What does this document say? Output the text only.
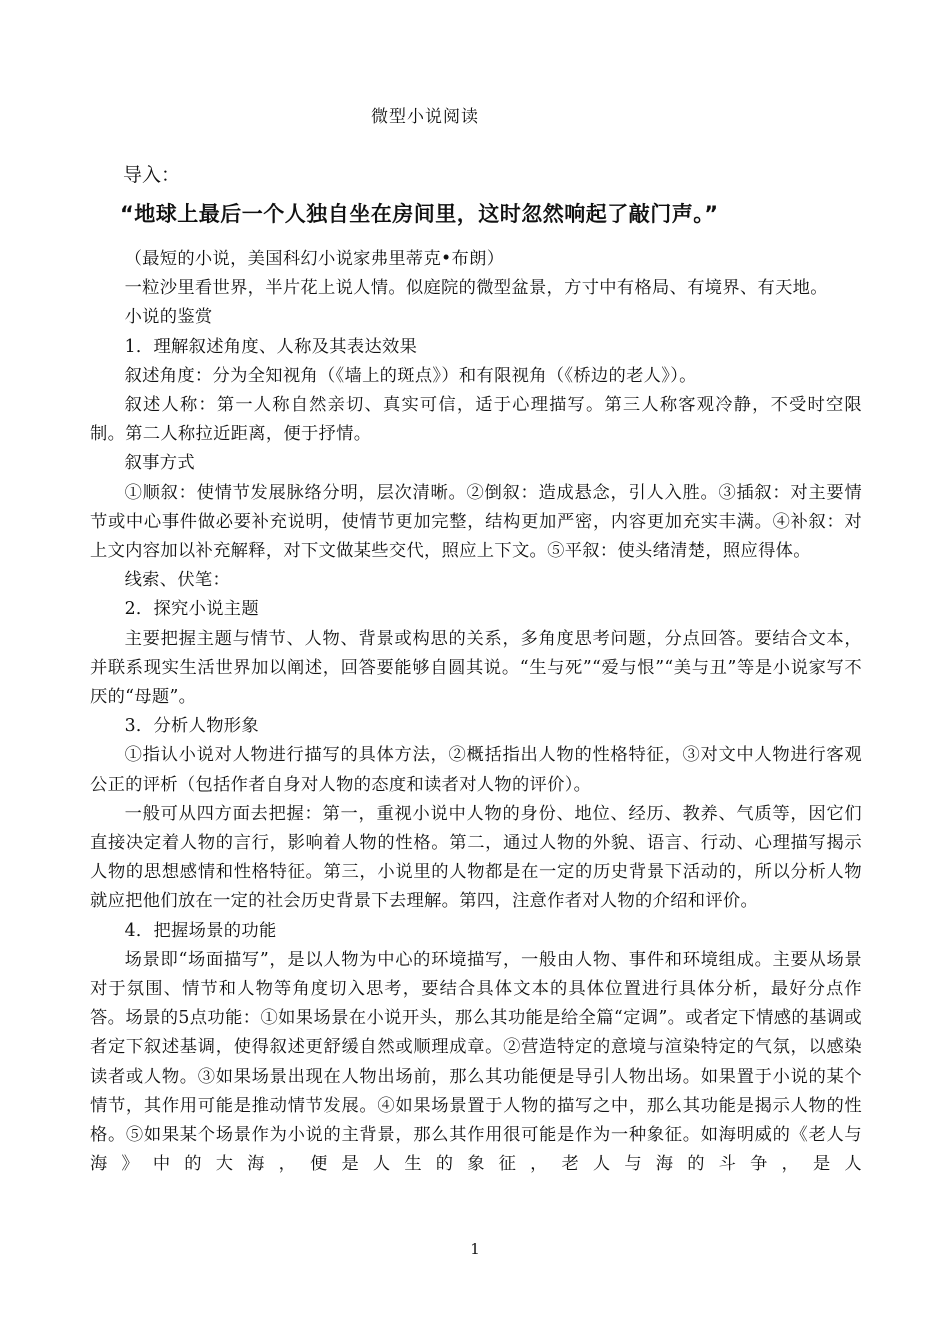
微型小说阅读
导入：
“地球上最后一个人独自坐在房间里，这时忽然响起了敲门声。”

（最短的小说，美国科幻小说家弗里蒂克•布朗）

一粒沙里看世界，半片花上说人情。似庭院的微型盆景，方寸中有格局、有境界、有天地。

小说的鉴赏

1．理解叙述角度、人称及其表达效果

叙述角度：分为全知视角（《墙上的斑点》）和有限视角（《桥边的老人》）。

叙述人称：第一人称自然亲切、真实可信，适于心理描写。第三人称客观冷静，不受时空限制。第二人称拉近距离，便于抒情。

叙事方式

①顺叙：使情节发展脉络分明，层次清晰。②倒叙：造成悬念，引人入胜。③插叙：对主要情节或中心事件做必要补充说明，使情节更加完整，结构更加严密，内容更加充实丰满。④补叙：对上文内容加以补充解释，对下文做某些交代，照应上下文。⑤平叙：使头绪清楚，照应得体。

线索、伏笔：

2．探究小说主题

主要把握主题与情节、人物、背景或构思的关系，多角度思考问题，分点回答。要结合文本，并联系现实生活世界加以阐述，回答要能够自圆其说。“生与死”“爱与恨”“美与丑”等是小说家写不厌的“母题”。

3．分析人物形象

①指认小说对人物进行描写的具体方法，②概括指出人物的性格特征，③对文中人物进行客观公正的评析（包括作者自身对人物的态度和读者对人物的评价）。

一般可从四方面去把握：第一，重视小说中人物的身份、地位、经历、教养、气质等，因它们直接决定着人物的言行，影响着人物的性格。第二，通过人物的外貌、语言、行动、心理描写揭示人物的思想感情和性格特征。第三，小说里的人物都是在一定的历史背景下活动的，所以分析人物就应把他们放在一定的社会历史背景下去理解。第四，注意作者对人物的介绍和评价。

4．把握场景的功能

场景即“场面描写”，是以人物为中心的环境描写，一般由人物、事件和环境组成。主要从场景对于氛围、情节和人物等角度切入思考，要结合具体文本的具体位置进行具体分析，最好分点作答。场景的5点功能：①如果场景在小说开头，那么其功能是给全篇“定调”。或者定下情感的基调或者定下叙述基调，使得叙述更舒缓自然或顺理成章。②营造特定的意境与渲染特定的气氛，以感染读者或人物。③如果场景出现在人物出场前，那么其功能便是导引人物出场。如果置于小说的某个情节，其作用可能是推动情节发展。④如果场景置于人物的描写之中，那么其功能是揭示人物的性格。⑤如果某个场景作为小说的主背景，那么其作用很可能是作为一种象征。如海明威的《老人与海》中的大海，便是人生的象征，老人与海的斗争，是人

1
